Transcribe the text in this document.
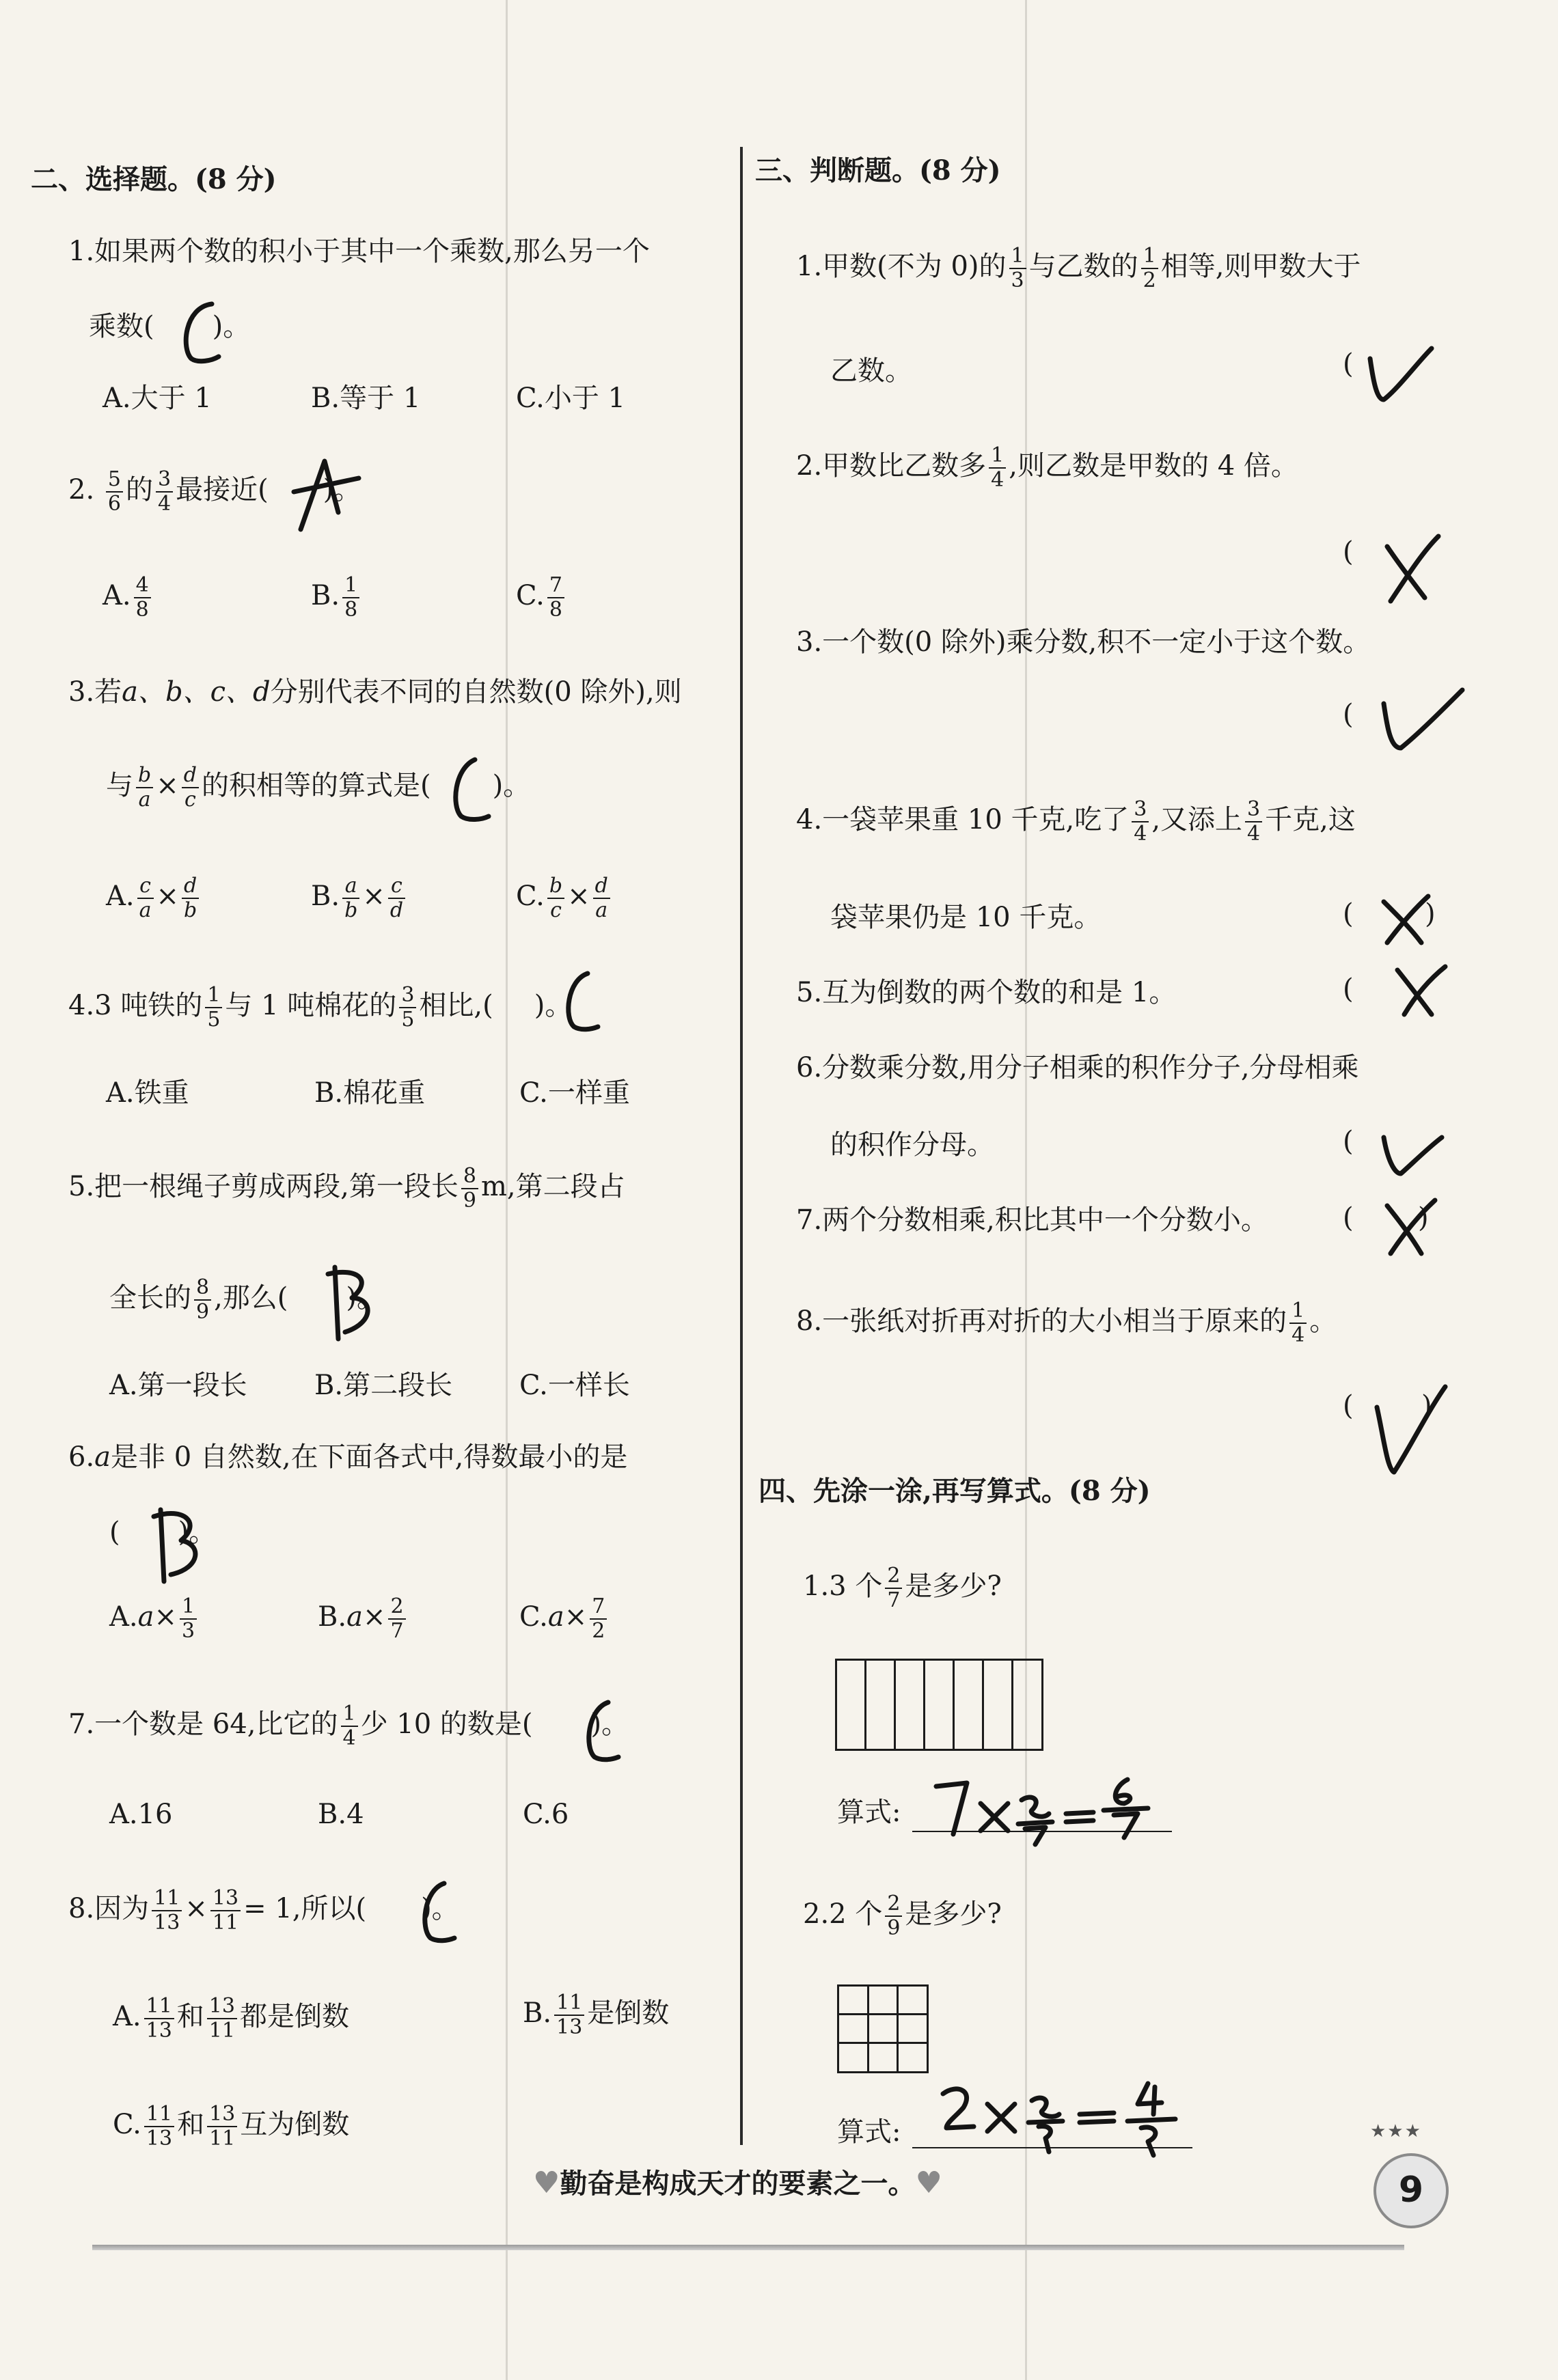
二、选择题。(8 分)
1.如果两个数的积小于其中一个乘数,那么另一个
乘数( )。
A.大于 1	B.等于 1	C.小于 1
2. $\frac{5}{6}$ 的 $\frac{3}{4}$ 最接近( )。
A. $\frac{4}{8}$	B. $\frac{1}{8}$	C. $\frac{7}{8}$
3.若a、b、c、d分别代表不同的自然数(0 除外),则
与 $\frac{b}{a} \times \frac{d}{c}$ 的积相等的算式是( )。
A. $\frac{c}{a} \times \frac{d}{b}$	B. $\frac{a}{b} \times \frac{c}{d}$	C. $\frac{b}{c} \times \frac{d}{a}$
4.3 吨铁的 $\frac{1}{5}$ 与 1 吨棉花的 $\frac{3}{5}$ 相比,( )。
A.铁重	B.棉花重	C.一样重
5.把一根绳子剪成两段,第一段长 $\frac{8}{9} m$,第二段占
全长的 $\frac{8}{9}$ ,那么( )。
A.第一段长 B.第二段长 C.一样长
6.a是非 0 自然数,在下面各式中,得数最小的是
( )。
$A.a\times \frac{1}{3}$	$B.a\times \frac{2}{7}$	$C.a\times \frac{7}{2}$
7.一个数是 64,比它的 $\frac{1}{4}$ 少 10 的数是( )。
A.16	B.4	C.6
8.因为 $\frac{11}{13} \times \frac{13}{11} = 1$,所以( )。
A. $\frac{11}{13}$ 和 $\frac{13}{11}$ 都是倒数	B. $\frac{11}{13}$ 是倒数
C. $\frac{11}{13}$ 和 $\frac{13}{11}$ 互为倒数
三、判断题。(8 分)
1.甲数(不为 0)的 $\frac{1}{3}$ 与乙数的 $\frac{1}{2}$ 相等,则甲数大于
乙数。	(
2.甲数比乙数多 $\frac{1}{4}$ ,则乙数是甲数的 4 倍。
(
3.一个数(0 除外)乘分数,积不一定小于这个数。
(
4.一袋苹果重 10 千克,吃了 $\frac{3}{4}$ ,又添上 $\frac{3}{4}$ 千克,这
袋苹果仍是 10 千克。	(	)
5.互为倒数的两个数的和是 1。	(
6.分数乘分数,用分子相乘的积作分子,分母相乘
的积作分母。	(
7.两个分数相乘,积比其中一个分数小。	( )
8.一张纸对折再对折的大小相当于原来的 $\frac{1}{4}$ 。
( )
四、先涂一涂,再写算式。(8 分)
1.3 个 $\frac{2}{7}$ 是多少?
算式:
2.2 个 $\frac{2}{9}$ 是多少?
算式:	★★★
♥勤奋是构成天才的要素之一。♥	9
